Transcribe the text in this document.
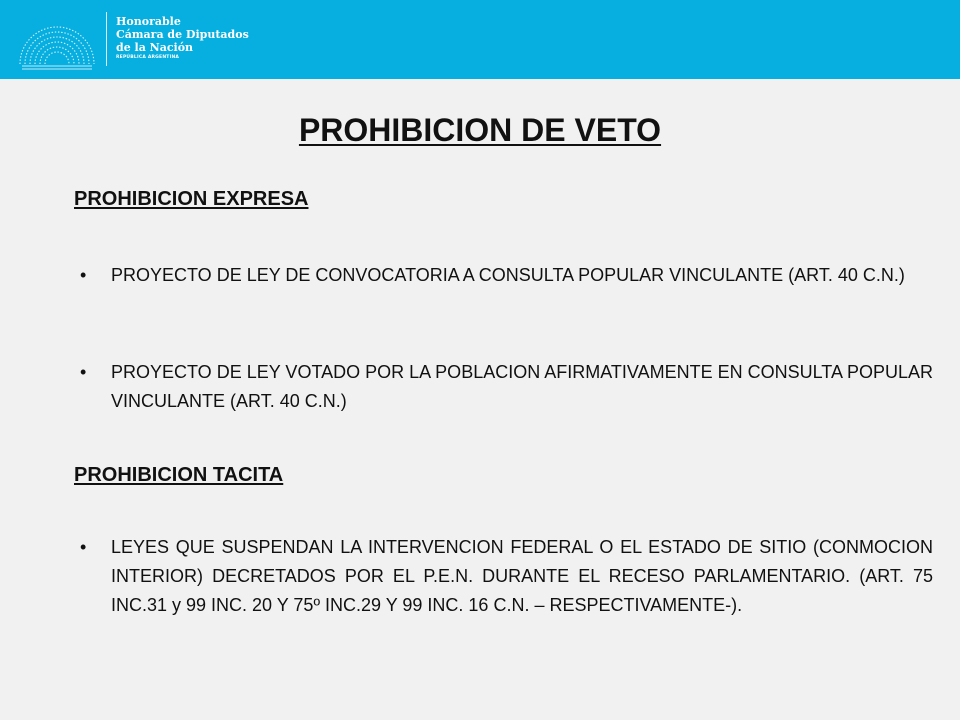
Honorable
Cámara de Diputados
de la Nación
REPÚBLICA ARGENTINA
PROHIBICION DE VETO
PROHIBICION EXPRESA
• PROYECTO DE LEY DE CONVOCATORIA A CONSULTA POPULAR VINCULANTE (ART. 40 C.N.)
• PROYECTO DE LEY VOTADO POR LA POBLACION AFIRMATIVAMENTE EN CONSULTA POPULAR VINCULANTE (ART. 40 C.N.)
PROHIBICION TACITA
• LEYES QUE SUSPENDAN LA INTERVENCION FEDERAL O EL ESTADO DE SITIO (CONMOCION INTERIOR) DECRETADOS POR EL P.E.N. DURANTE EL RECESO PARLAMENTARIO. (ART. 75 INC.31 y 99 INC. 20 Y 75º INC.29 Y 99 INC. 16 C.N. – RESPECTIVAMENTE-).
